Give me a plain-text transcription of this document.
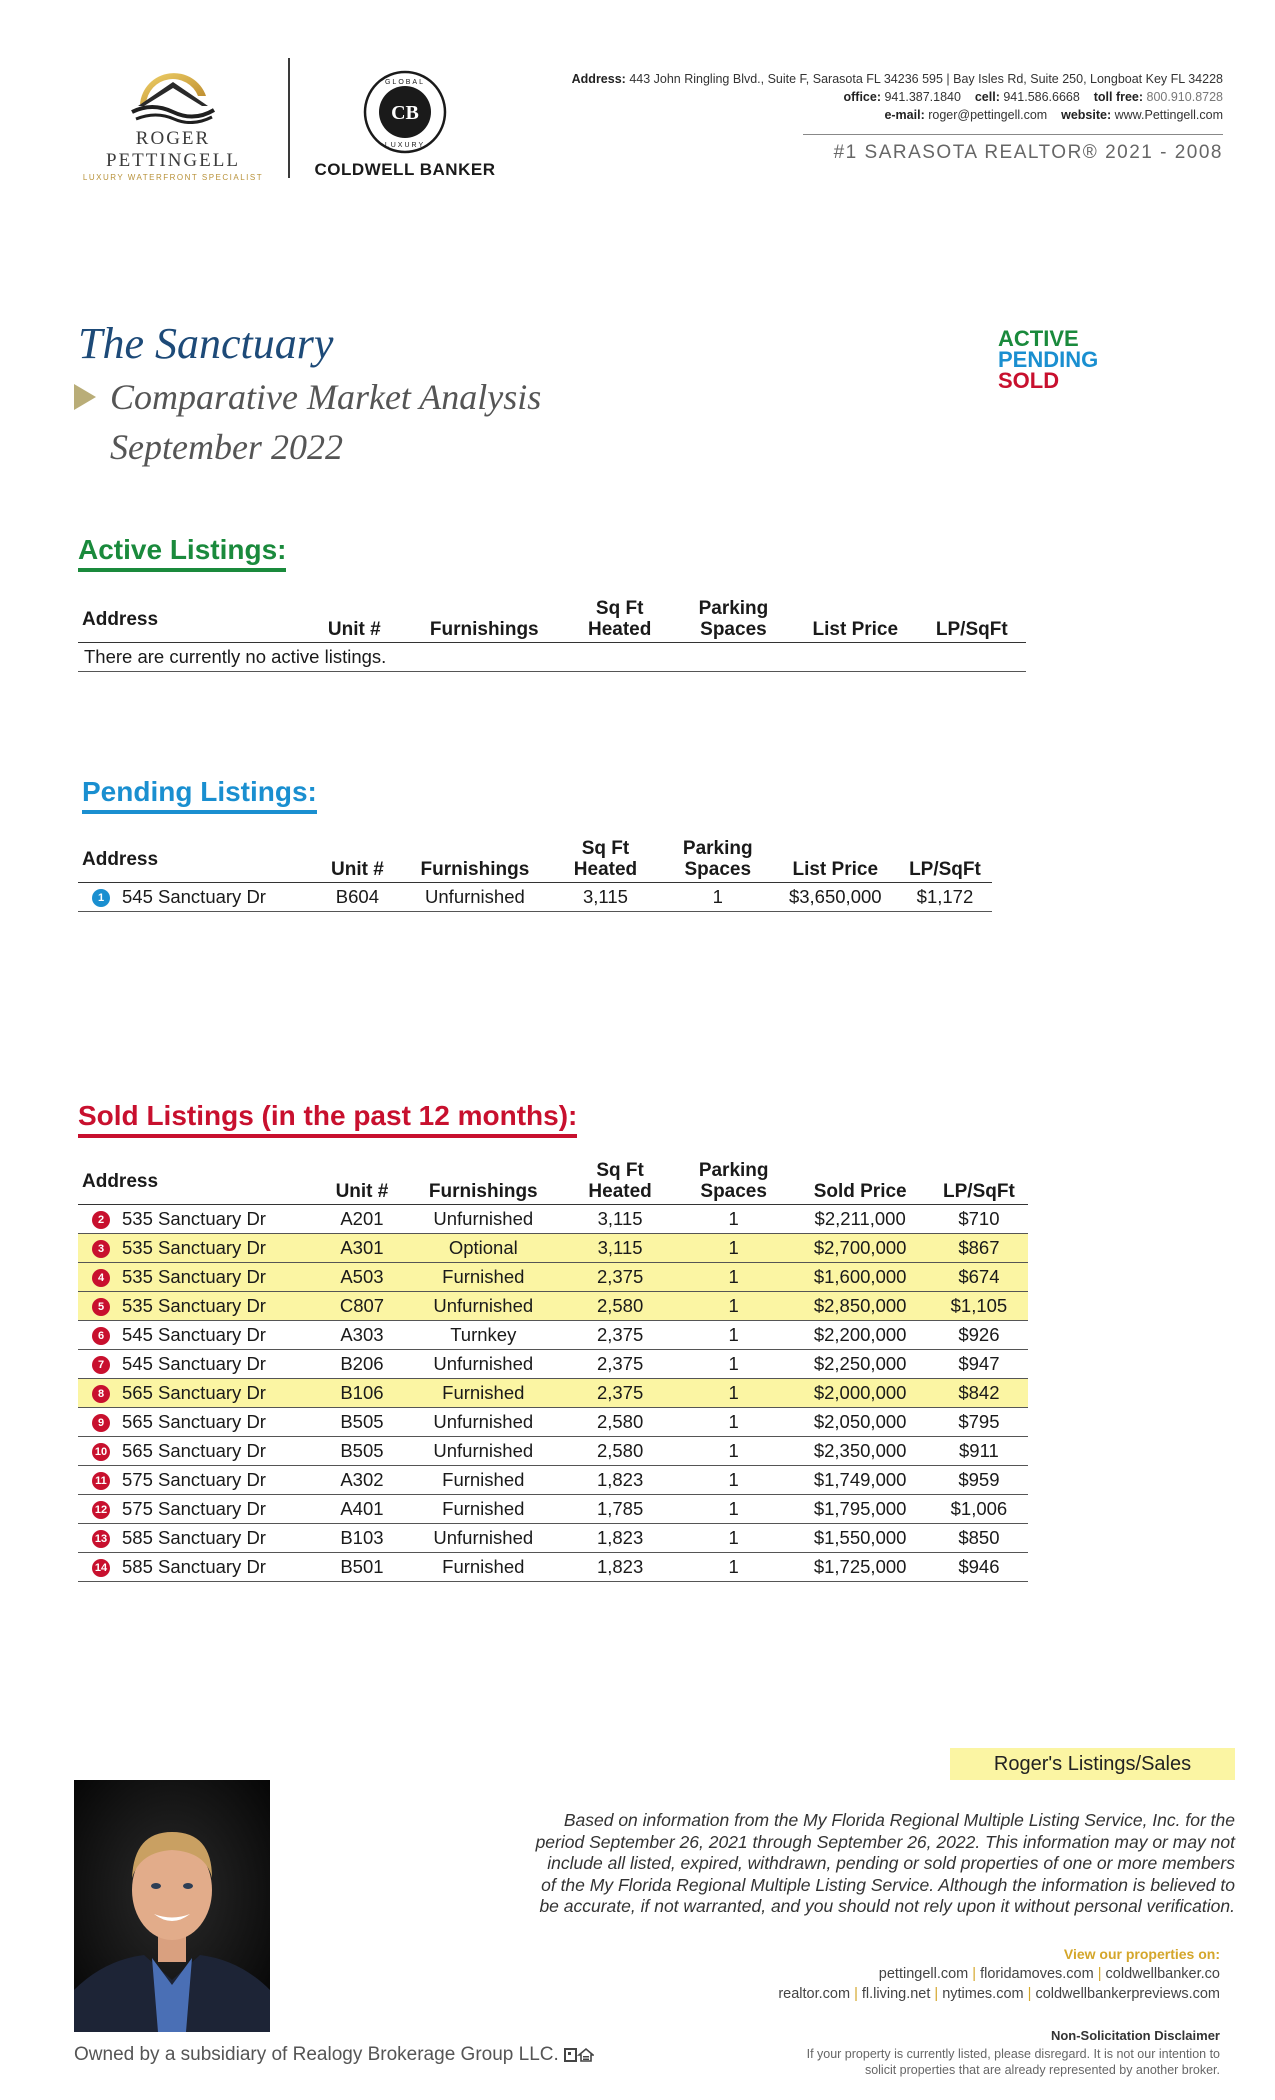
ROGER PETTINGELL
LUXURY WATERFRONT SPECIALIST
CB
GLOBAL
LUXURY
COLDWELL BANKER
Address: 443 John Ringling Blvd., Suite F, Sarasota FL 34236 595 | Bay Isles Rd, Suite 250, Longboat Key FL 34228
office: 941.387.1840 cell: 941.586.6668 toll free: 800.910.8728
e-mail: roger@pettingell.com website: www.Pettingell.com
#1 SARASOTA REALTOR® 2021 - 2008
The Sanctuary
Comparative Market Analysis
September 2022
ACTIVE
PENDING
SOLD
Active Listings:
Address	Unit #	Furnishings	Sq Ft Heated	Parking Spaces	List Price	LP/SqFt
There are currently no active listings.
Pending Listings:
Address	Unit #	Furnishings	Sq Ft Heated	Parking Spaces	List Price	LP/SqFt
1 545 Sanctuary Dr	B604	Unfurnished	3,115	1	$3,650,000	$1,172
Sold Listings (in the past 12 months):
Address	Unit #	Furnishings	Sq Ft Heated	Parking Spaces	Sold Price	LP/SqFt
2 535 Sanctuary Dr	A201	Unfurnished	3,115	1	$2,211,000	$710
3 535 Sanctuary Dr	A301	Optional	3,115	1	$2,700,000	$867
4 535 Sanctuary Dr	A503	Furnished	2,375	1	$1,600,000	$674
5 535 Sanctuary Dr	C807	Unfurnished	2,580	1	$2,850,000	$1,105
6 545 Sanctuary Dr	A303	Turnkey	2,375	1	$2,200,000	$926
7 545 Sanctuary Dr	B206	Unfurnished	2,375	1	$2,250,000	$947
8 565 Sanctuary Dr	B106	Furnished	2,375	1	$2,000,000	$842
9 565 Sanctuary Dr	B505	Unfurnished	2,580	1	$2,050,000	$795
10 565 Sanctuary Dr	B505	Unfurnished	2,580	1	$2,350,000	$911
11 575 Sanctuary Dr	A302	Furnished	1,823	1	$1,749,000	$959
12 575 Sanctuary Dr	A401	Furnished	1,785	1	$1,795,000	$1,006
13 585 Sanctuary Dr	B103	Unfurnished	1,823	1	$1,550,000	$850
14 585 Sanctuary Dr	B501	Furnished	1,823	1	$1,725,000	$946
Roger's Listings/Sales
Based on information from the My Florida Regional Multiple Listing Service, Inc. for the period September 26, 2021 through September 26, 2022. This information may or may not include all listed, expired, withdrawn, pending or sold properties of one or more members of the My Florida Regional Multiple Listing Service. Although the information is believed to be accurate, if not warranted, and you should not rely upon it without personal verification.
View our properties on:
pettingell.com | floridamoves.com | coldwellbanker.co
realtor.com | fl.living.net | nytimes.com | coldwellbankerpreviews.com
Owned by a subsidiary of Realogy Brokerage Group LLC.
Non-Solicitation Disclaimer
If your property is currently listed, please disregard. It is not our intention to solicit properties that are already represented by another broker.
